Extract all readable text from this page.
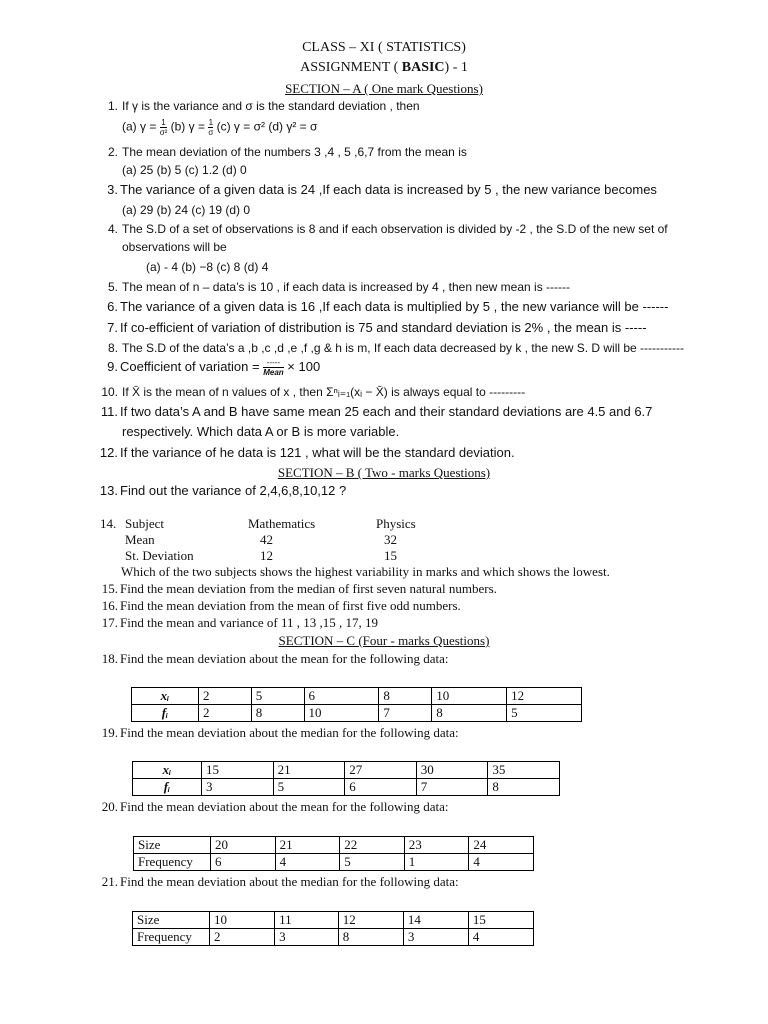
CLASS – XI ( STATISTICS)
ASSIGNMENT ( BASIC) - 1
SECTION – A ( One mark Questions)
1. If γ is the variance and σ is the standard deviation , then
(a) $\gamma = \frac{1}{\text{σ²}} (b) \gamma = \frac{1}{\sigma} (c) \gamma = \sigma^2$ (d) γ² = σ
2. The mean deviation of the numbers 3 ,4 , 5 ,6,7 from the mean is
(a) 25 (b) 5 (c) 1.2 (d) 0
3. The variance of a given data is 24 ,If each data is increased by 5 , the new variance becomes
(a) 29 (b) 24 (c) 19 (d) 0
4. The S.D of a set of observations is 8 and if each observation is divided by -2 , the S.D of the new set of
observations will be
(a) - 4 (b) −8 (c) 8 (d) 4
5. The mean of n – data’s is 10 , if each data is increased by 4 , then new mean is ------
6. The variance of a given data is 16 ,If each data is multiplied by 5 , the new variance will be ------
7. If co-efficient of variation of distribution is 75 and standard deviation is 2% , the mean is -----
8. The S.D of the data’s a ,b ,c ,d ,e ,f ,g & h is m, If each data decreased by k , the new S. D will be -----------
9. Coefficient of variation = $\frac{-----}{\text{Mean}} \times 100$
10. If X̄ is the mean of n values of x , then Σⁿᵢ₌₁(xᵢ − X̄) is always equal to ---------
11. If two data’s A and B have same mean 25 each and their standard deviations are 4.5 and 6.7
respectively. Which data A or B is more variable.
12. If the variance of he data is 121 , what will be the standard deviation.
SECTION – B ( Two - marks Questions)
13. Find out the variance of 2,4,6,8,10,12 ?
14. Subject	Mathematics	Physics
Mean	42	32
St. Deviation	12	15
Which of the two subjects shows the highest variability in marks and which shows the lowest.
15. Find the mean deviation from the median of first seven natural numbers.
16. Find the mean deviation from the mean of first five odd numbers.
17. Find the mean and variance of 11 , 13 ,15 , 17, 19
SECTION – C (Four - marks Questions)
18. Find the mean deviation about the mean for the following data:
xᵢ	2	5	6	8	10	12
fᵢ	2	8	10	7	8	5
19. Find the mean deviation about the median for the following data:
xᵢ	15	21	27	30	35
fᵢ	3	5	6	7	8
20. Find the mean deviation about the mean for the following data:
Size	20	21	22	23	24
Frequency	6	4	5	1	4
21. Find the mean deviation about the median for the following data:
Size	10	11	12	14	15
Frequency	2	3	8	3	4
